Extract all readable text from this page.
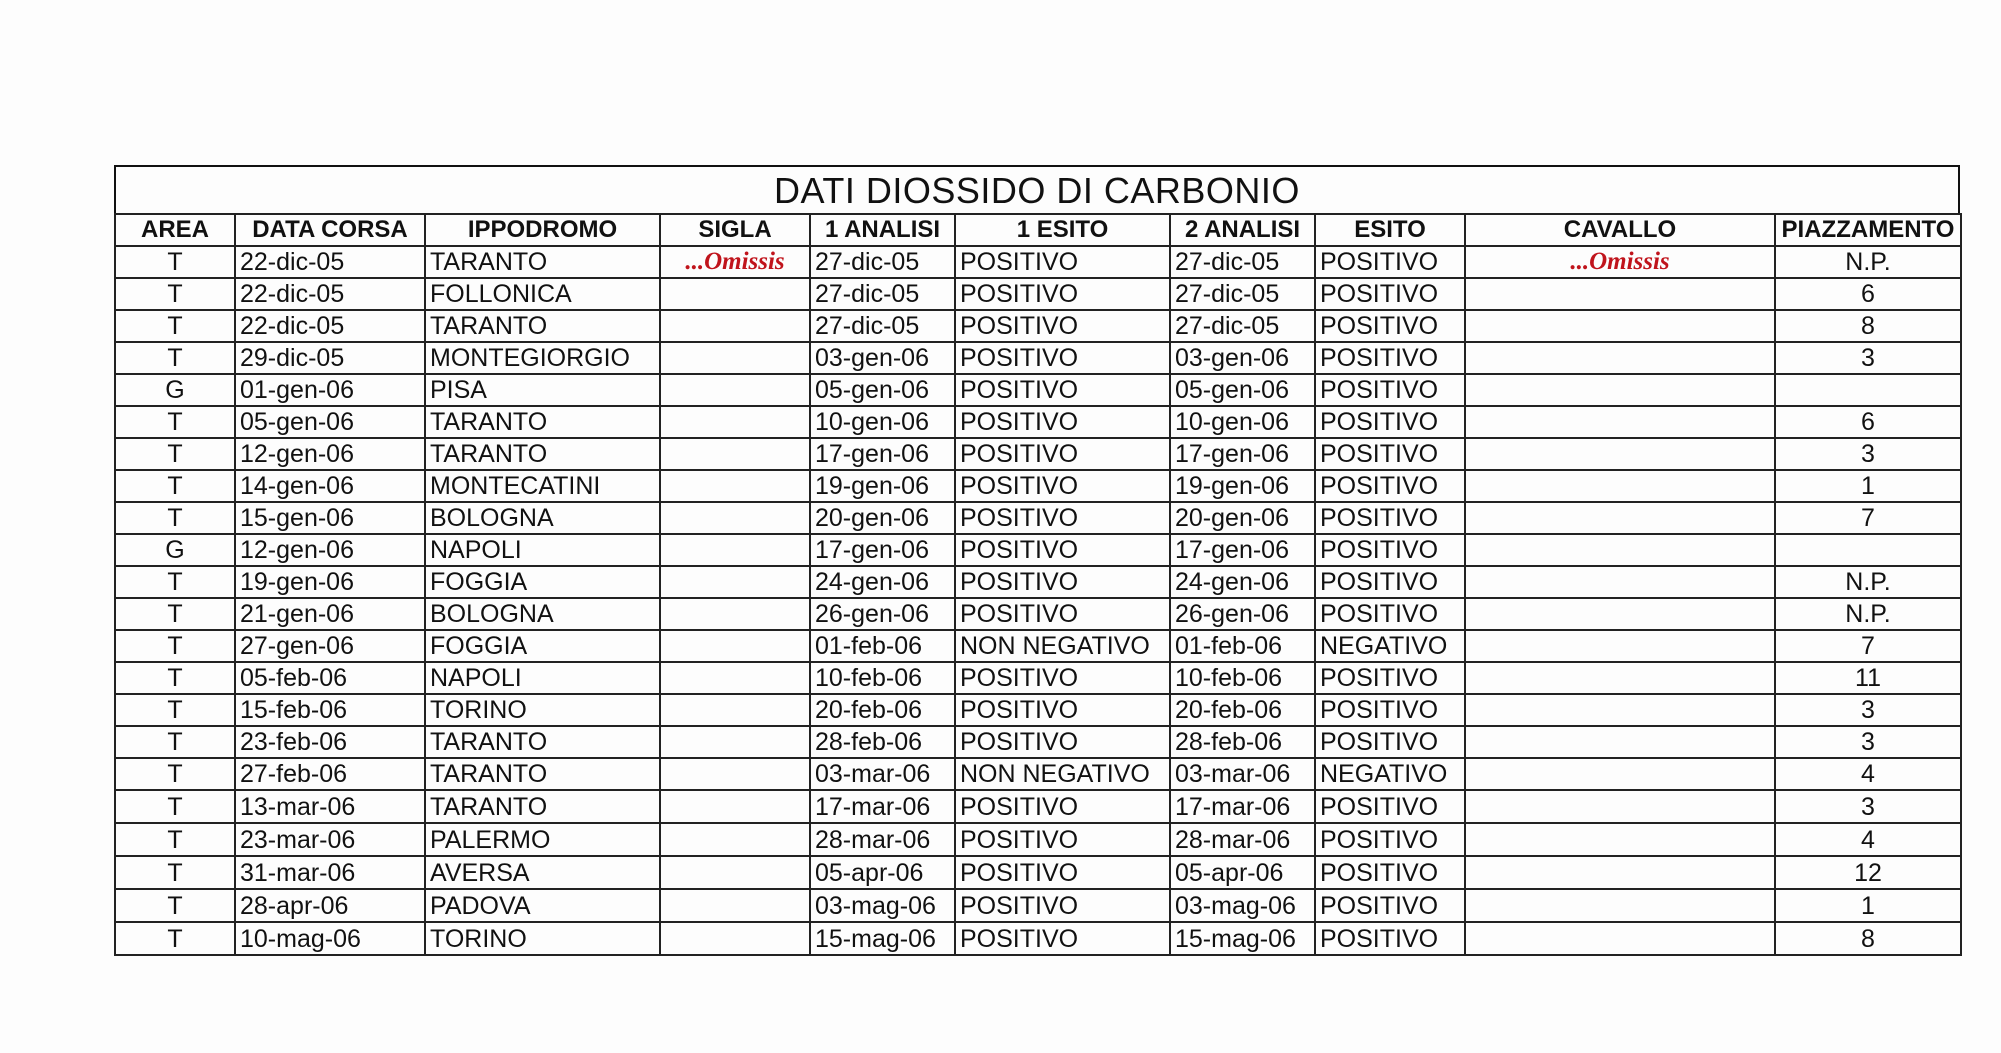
DATI DIOSSIDO DI CARBONIO
AREA	DATA CORSA	IPPODROMO	SIGLA	1 ANALISI	1 ESITO	2 ANALISI	ESITO	CAVALLO	PIAZZAMENTO
T	22-dic-05	TARANTO	...Omissis	27-dic-05	POSITIVO	27-dic-05	POSITIVO	...Omissis	N.P.
T	22-dic-05	FOLLONICA		27-dic-05	POSITIVO	27-dic-05	POSITIVO		6
T	22-dic-05	TARANTO		27-dic-05	POSITIVO	27-dic-05	POSITIVO		8
T	29-dic-05	MONTEGIORGIO		03-gen-06	POSITIVO	03-gen-06	POSITIVO		3
G	01-gen-06	PISA		05-gen-06	POSITIVO	05-gen-06	POSITIVO		
T	05-gen-06	TARANTO		10-gen-06	POSITIVO	10-gen-06	POSITIVO		6
T	12-gen-06	TARANTO		17-gen-06	POSITIVO	17-gen-06	POSITIVO		3
T	14-gen-06	MONTECATINI		19-gen-06	POSITIVO	19-gen-06	POSITIVO		1
T	15-gen-06	BOLOGNA		20-gen-06	POSITIVO	20-gen-06	POSITIVO		7
G	12-gen-06	NAPOLI		17-gen-06	POSITIVO	17-gen-06	POSITIVO		
T	19-gen-06	FOGGIA		24-gen-06	POSITIVO	24-gen-06	POSITIVO		N.P.
T	21-gen-06	BOLOGNA		26-gen-06	POSITIVO	26-gen-06	POSITIVO		N.P.
T	27-gen-06	FOGGIA		01-feb-06	NON NEGATIVO	01-feb-06	NEGATIVO		7
T	05-feb-06	NAPOLI		10-feb-06	POSITIVO	10-feb-06	POSITIVO		11
T	15-feb-06	TORINO		20-feb-06	POSITIVO	20-feb-06	POSITIVO		3
T	23-feb-06	TARANTO		28-feb-06	POSITIVO	28-feb-06	POSITIVO		3
T	27-feb-06	TARANTO		03-mar-06	NON NEGATIVO	03-mar-06	NEGATIVO		4
T	13-mar-06	TARANTO		17-mar-06	POSITIVO	17-mar-06	POSITIVO		3
T	23-mar-06	PALERMO		28-mar-06	POSITIVO	28-mar-06	POSITIVO		4
T	31-mar-06	AVERSA		05-apr-06	POSITIVO	05-apr-06	POSITIVO		12
T	28-apr-06	PADOVA		03-mag-06	POSITIVO	03-mag-06	POSITIVO		1
T	10-mag-06	TORINO		15-mag-06	POSITIVO	15-mag-06	POSITIVO		8
